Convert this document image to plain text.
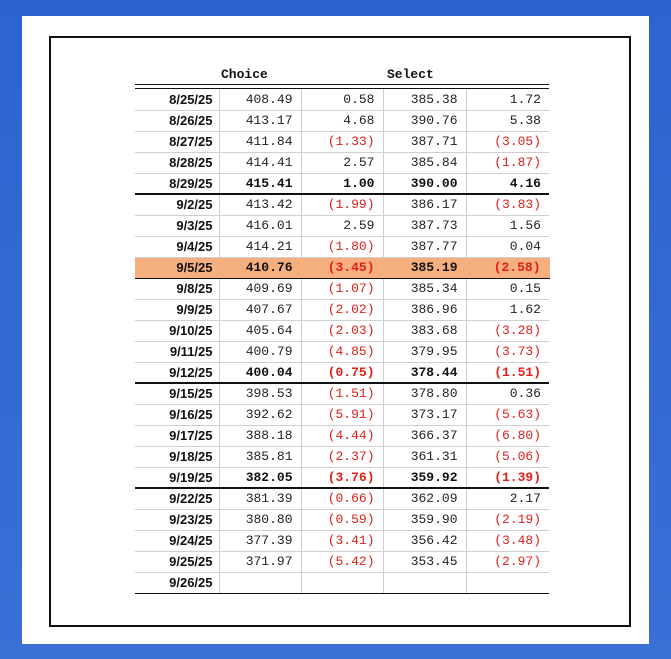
Choice	Select
8/25/25	408.49	0.58	385.38	1.72
8/26/25	413.17	4.68	390.76	5.38
8/27/25	411.84	(1.33)	387.71	(3.05)
8/28/25	414.41	2.57	385.84	(1.87)
8/29/25	415.41	1.00	390.00	4.16
9/2/25	413.42	(1.99)	386.17	(3.83)
9/3/25	416.01	2.59	387.73	1.56
9/4/25	414.21	(1.80)	387.77	0.04
9/5/25	410.76	(3.45)	385.19	(2.58)
9/8/25	409.69	(1.07)	385.34	0.15
9/9/25	407.67	(2.02)	386.96	1.62
9/10/25	405.64	(2.03)	383.68	(3.28)
9/11/25	400.79	(4.85)	379.95	(3.73)
9/12/25	400.04	(0.75)	378.44	(1.51)
9/15/25	398.53	(1.51)	378.80	0.36
9/16/25	392.62	(5.91)	373.17	(5.63)
9/17/25	388.18	(4.44)	366.37	(6.80)
9/18/25	385.81	(2.37)	361.31	(5.06)
9/19/25	382.05	(3.76)	359.92	(1.39)
9/22/25	381.39	(0.66)	362.09	2.17
9/23/25	380.80	(0.59)	359.90	(2.19)
9/24/25	377.39	(3.41)	356.42	(3.48)
9/25/25	371.97	(5.42)	353.45	(2.97)
9/26/25				
